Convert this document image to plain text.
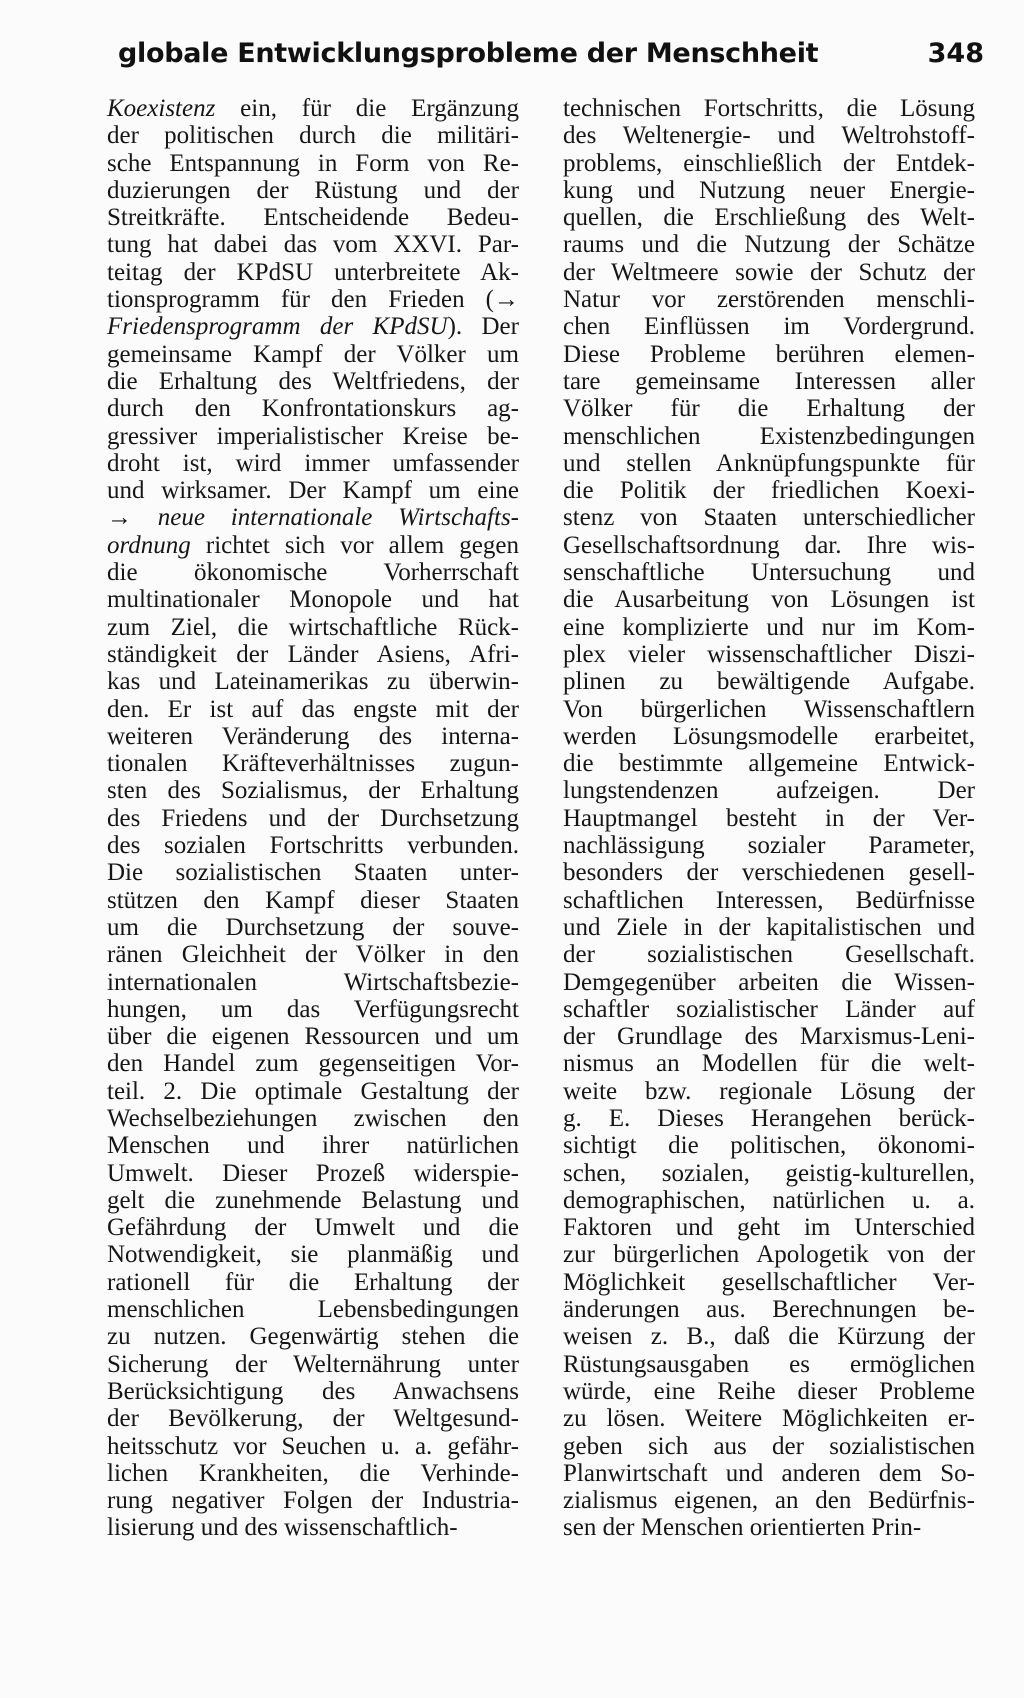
globale Entwicklungsprobleme der Menschheit	348
Koexistenz ein, für die Ergänzung
der politischen durch die militäri-
sche Entspannung in Form von Re-
duzierungen der Rüstung und der
Streitkräfte. Entscheidende Bedeu-
tung hat dabei das vom XXVI. Par-
teitag der KPdSU unterbreitete Ak-
tionsprogramm für den Frieden (→
Friedensprogramm der KPdSU). Der
gemeinsame Kampf der Völker um
die Erhaltung des Weltfriedens, der
durch den Konfrontationskurs ag-
gressiver imperialistischer Kreise be-
droht ist, wird immer umfassender
und wirksamer. Der Kampf um eine
→ neue internationale Wirtschafts-
ordnung richtet sich vor allem gegen
die ökonomische Vorherrschaft
multinationaler Monopole und hat
zum Ziel, die wirtschaftliche Rück-
ständigkeit der Länder Asiens, Afri-
kas und Lateinamerikas zu überwin-
den. Er ist auf das engste mit der
weiteren Veränderung des interna-
tionalen Kräfteverhältnisses zugun-
sten des Sozialismus, der Erhaltung
des Friedens und der Durchsetzung
des sozialen Fortschritts verbunden.
Die sozialistischen Staaten unter-
stützen den Kampf dieser Staaten
um die Durchsetzung der souve-
ränen Gleichheit der Völker in den
internationalen Wirtschaftsbezie-
hungen, um das Verfügungsrecht
über die eigenen Ressourcen und um
den Handel zum gegenseitigen Vor-
teil. 2. Die optimale Gestaltung der
Wechselbeziehungen zwischen den
Menschen und ihrer natürlichen
Umwelt. Dieser Prozeß widerspie-
gelt die zunehmende Belastung und
Gefährdung der Umwelt und die
Notwendigkeit, sie planmäßig und
rationell für die Erhaltung der
menschlichen Lebensbedingungen
zu nutzen. Gegenwärtig stehen die
Sicherung der Welternährung unter
Berücksichtigung des Anwachsens
der Bevölkerung, der Weltgesund-
heitsschutz vor Seuchen u. a. gefähr-
lichen Krankheiten, die Verhinde-
rung negativer Folgen der Industria-
lisierung und des wissenschaftlich-
technischen Fortschritts, die Lösung
des Weltenergie- und Weltrohstoff-
problems, einschließlich der Entdek-
kung und Nutzung neuer Energie-
quellen, die Erschließung des Welt-
raums und die Nutzung der Schätze
der Weltmeere sowie der Schutz der
Natur vor zerstörenden menschli-
chen Einflüssen im Vordergrund.
Diese Probleme berühren elemen-
tare gemeinsame Interessen aller
Völker für die Erhaltung der
menschlichen Existenzbedingungen
und stellen Anknüpfungspunkte für
die Politik der friedlichen Koexi-
stenz von Staaten unterschiedlicher
Gesellschaftsordnung dar. Ihre wis-
senschaftliche Untersuchung und
die Ausarbeitung von Lösungen ist
eine komplizierte und nur im Kom-
plex vieler wissenschaftlicher Diszi-
plinen zu bewältigende Aufgabe.
Von bürgerlichen Wissenschaftlern
werden Lösungsmodelle erarbeitet,
die bestimmte allgemeine Entwick-
lungstendenzen aufzeigen. Der
Hauptmangel besteht in der Ver-
nachlässigung sozialer Parameter,
besonders der verschiedenen gesell-
schaftlichen Interessen, Bedürfnisse
und Ziele in der kapitalistischen und
der sozialistischen Gesellschaft.
Demgegenüber arbeiten die Wissen-
schaftler sozialistischer Länder auf
der Grundlage des Marxismus-Leni-
nismus an Modellen für die welt-
weite bzw. regionale Lösung der
g. E. Dieses Herangehen berück-
sichtigt die politischen, ökonomi-
schen, sozialen, geistig-kulturellen,
demographischen, natürlichen u. a.
Faktoren und geht im Unterschied
zur bürgerlichen Apologetik von der
Möglichkeit gesellschaftlicher Ver-
änderungen aus. Berechnungen be-
weisen z. B., daß die Kürzung der
Rüstungsausgaben es ermöglichen
würde, eine Reihe dieser Probleme
zu lösen. Weitere Möglichkeiten er-
geben sich aus der sozialistischen
Planwirtschaft und anderen dem So-
zialismus eigenen, an den Bedürfnis-
sen der Menschen orientierten Prin-
